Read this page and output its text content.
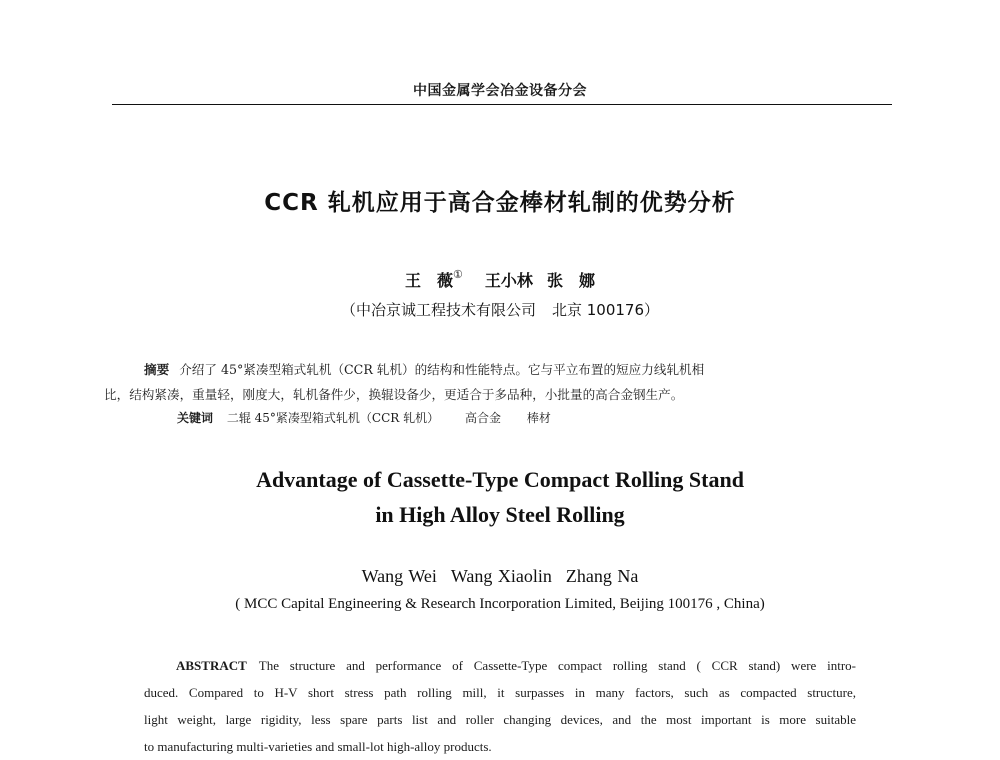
中国金属学会冶金设备分会
CCR 轧机应用于高合金棒材轧制的优势分析
王　薇① 王小林 张　娜
（中冶京诚工程技术有限公司 北京 100176）
摘要 介绍了 45°紧凑型箱式轧机（CCR 轧机）的结构和性能特点。它与平立布置的短应力线轧机相
比，结构紧凑，重量轻，刚度大，轧机备件少，换辊设备少，更适合于多品种，小批量的高合金钢生产。
关键词 二辊 45°紧凑型箱式轧机（CCR 轧机） 高合金 棒材
Advantage of Cassette-Type Compact Rolling Stand
in High Alloy Steel Rolling
Wang Wei Wang Xiaolin Zhang Na
( MCC Capital Engineering & Research Incorporation Limited, Beijing 100176 , China)
ABSTRACT The structure and performance of Cassette-Type compact rolling stand ( CCR stand) were intro-
duced. Compared to H-V short stress path rolling mill, it surpasses in many factors, such as compacted structure,
light weight, large rigidity, less spare parts list and roller changing devices, and the most important is more suitable
to manufacturing multi-varieties and small-lot high-alloy products.
